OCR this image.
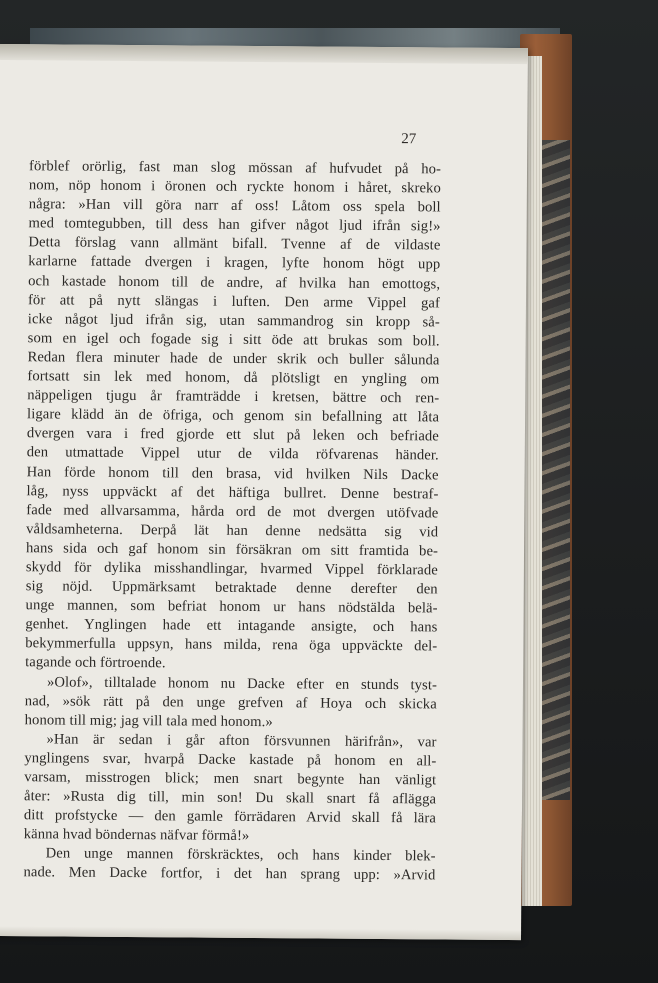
27
förblef orörlig, fast man slog mössan af hufvudet på ho-
nom, nöp honom i öronen och ryckte honom i håret, skreko
några: »Han vill göra narr af oss! Låtom oss spela boll
med tomtegubben, till dess han gifver något ljud ifrån sig!»
Detta förslag vann allmänt bifall. Tvenne af de vildaste
karlarne fattade dvergen i kragen, lyfte honom högt upp
och kastade honom till de andre, af hvilka han emottogs,
för att på nytt slängas i luften. Den arme Vippel gaf
icke något ljud ifrån sig, utan sammandrog sin kropp så-
som en igel och fogade sig i sitt öde att brukas som boll.
Redan flera minuter hade de under skrik och buller sålunda
fortsatt sin lek med honom, då plötsligt en yngling om
näppeligen tjugu år framträdde i kretsen, bättre och ren-
ligare klädd än de öfriga, och genom sin befallning att låta
dvergen vara i fred gjorde ett slut på leken och befriade
den utmattade Vippel utur de vilda röfvarenas händer.
Han förde honom till den brasa, vid hvilken Nils Dacke
låg, nyss uppväckt af det häftiga bullret. Denne bestraf-
fade med allvarsamma, hårda ord de mot dvergen utöfvade
våldsamheterna. Derpå lät han denne nedsätta sig vid
hans sida och gaf honom sin försäkran om sitt framtida be-
skydd för dylika misshandlingar, hvarmed Vippel förklarade
sig nöjd. Uppmärksamt betraktade denne derefter den
unge mannen, som befriat honom ur hans nödstälda belä-
genhet. Ynglingen hade ett intagande ansigte, och hans
bekymmerfulla uppsyn, hans milda, rena öga uppväckte del-
tagande och förtroende.
»Olof», tilltalade honom nu Dacke efter en stunds tyst-
nad, »sök rätt på den unge grefven af Hoya och skicka
honom till mig; jag vill tala med honom.»
»Han är sedan i går afton försvunnen härifrån», var
ynglingens svar, hvarpå Dacke kastade på honom en all-
varsam, misstrogen blick; men snart begynte han vänligt
åter: »Rusta dig till, min son! Du skall snart få aflägga
ditt profstycke — den gamle förrädaren Arvid skall få lära
känna hvad böndernas näfvar förmå!»
Den unge mannen förskräcktes, och hans kinder blek-
nade. Men Dacke fortfor, i det han sprang upp: »Arvid
